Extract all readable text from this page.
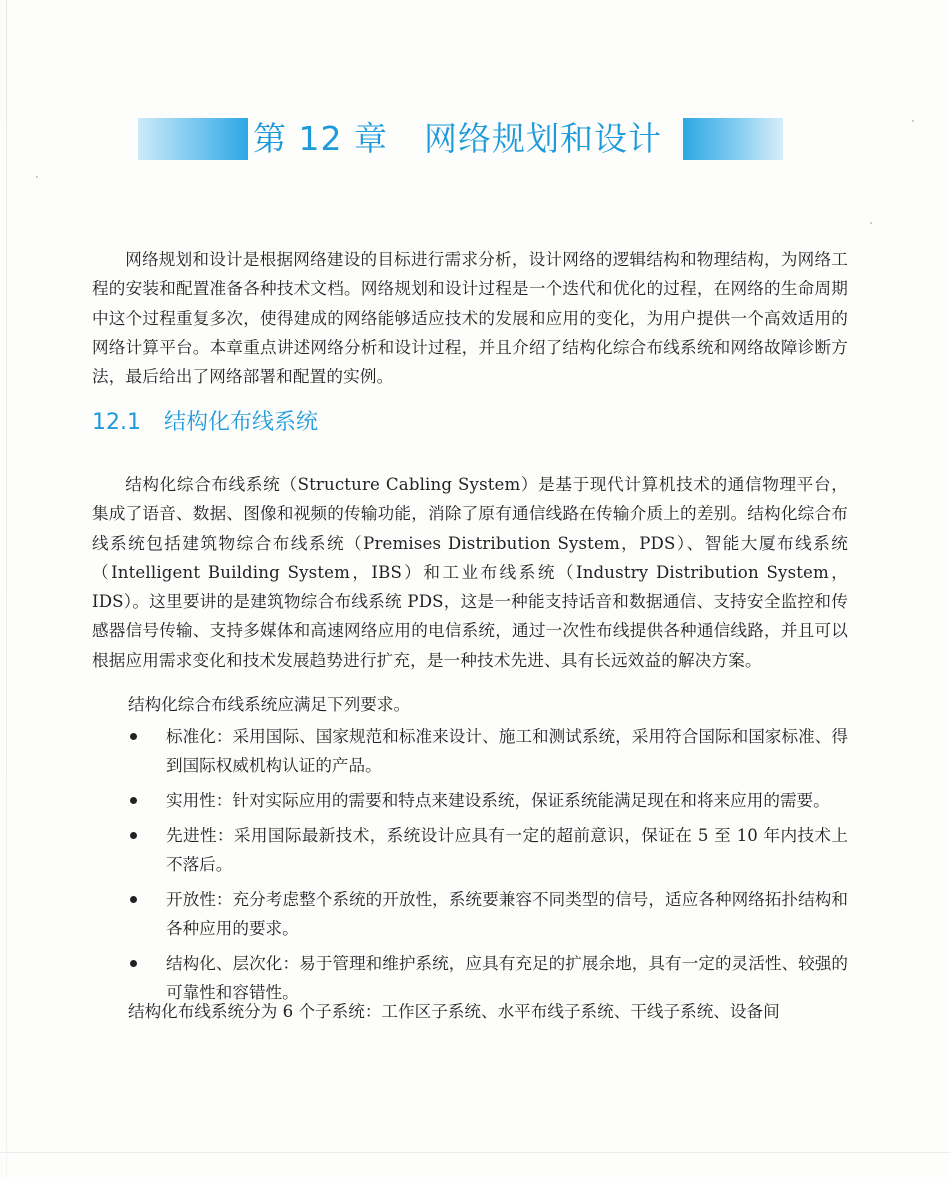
第 12 章 网络规划和设计

网络规划和设计是根据网络建设的目标进行需求分析，设计网络的逻辑结构和物理结构，为网络工程的安装和配置准备各种技术文档。网络规划和设计过程是一个迭代和优化的过程，在网络的生命周期中这个过程重复多次，使得建成的网络能够适应技术的发展和应用的变化，为用户提供一个高效适用的网络计算平台。本章重点讲述网络分析和设计过程，并且介绍了结构化综合布线系统和网络故障诊断方法，最后给出了网络部署和配置的实例。

12.1 结构化布线系统

结构化综合布线系统（Structure Cabling System）是基于现代计算机技术的通信物理平台，集成了语音、数据、图像和视频的传输功能，消除了原有通信线路在传输介质上的差别。结构化综合布线系统包括建筑物综合布线系统（Premises Distribution System，PDS）、智能大厦布线系统（Intelligent Building System，IBS）和工业布线系统（Industry Distribution System，IDS）。这里要讲的是建筑物综合布线系统 PDS，这是一种能支持话音和数据通信、支持安全监控和传感器信号传输、支持多媒体和高速网络应用的电信系统，通过一次性布线提供各种通信线路，并且可以根据应用需求变化和技术发展趋势进行扩充，是一种技术先进、具有长远效益的解决方案。

结构化综合布线系统应满足下列要求。

标准化：采用国际、国家规范和标准来设计、施工和测试系统，采用符合国际和国家标准、得到国际权威机构认证的产品。
实用性：针对实际应用的需要和特点来建设系统，保证系统能满足现在和将来应用的需要。
先进性：采用国际最新技术，系统设计应具有一定的超前意识，保证在 5 至 10 年内技术上不落后。
开放性：充分考虑整个系统的开放性，系统要兼容不同类型的信号，适应各种网络拓扑结构和各种应用的要求。
结构化、层次化：易于管理和维护系统，应具有充足的扩展余地，具有一定的灵活性、较强的可靠性和容错性。

结构化布线系统分为 6 个子系统：工作区子系统、水平布线子系统、干线子系统、设备间
